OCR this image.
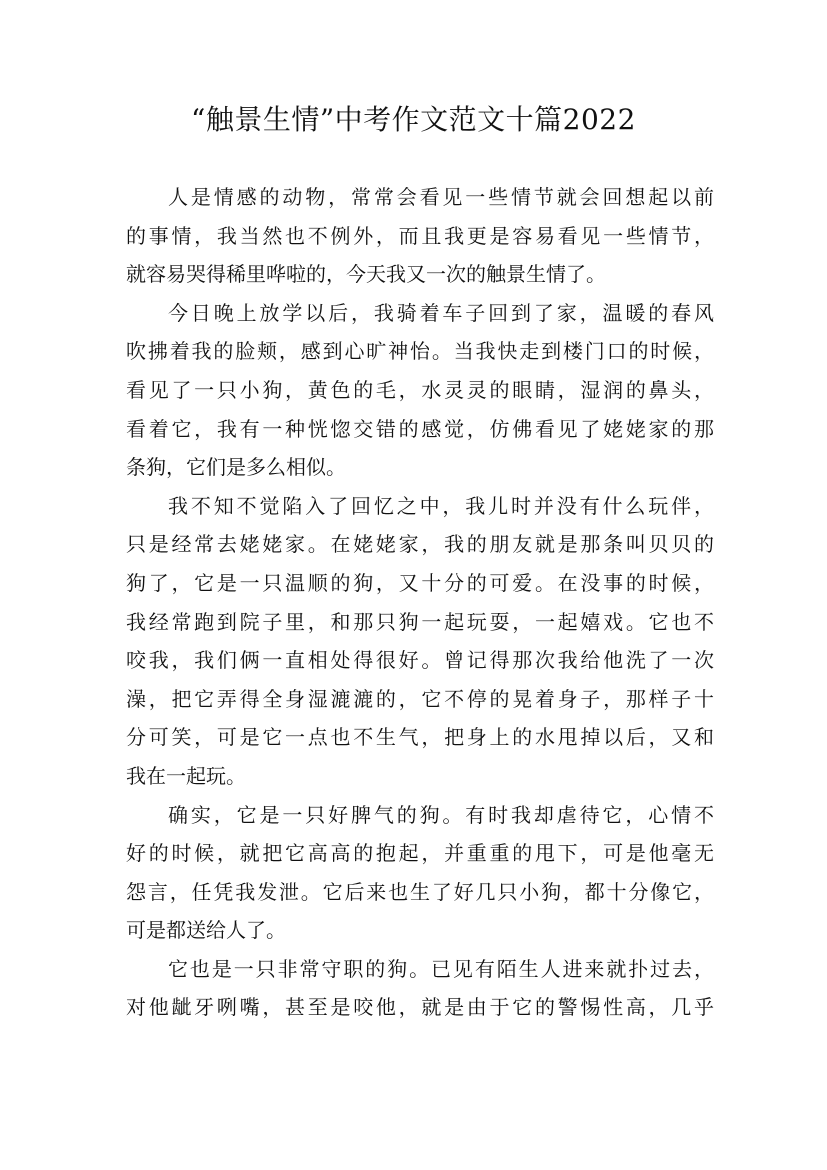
“触景生情”中考作文范文十篇2022
人是情感的动物，常常会看见一些情节就会回想起以前
的事情，我当然也不例外，而且我更是容易看见一些情节，
就容易哭得稀里哗啦的，今天我又一次的触景生情了。
今日晚上放学以后，我骑着车子回到了家，温暖的春风
吹拂着我的脸颊，感到心旷神怡。当我快走到楼门口的时候，
看见了一只小狗，黄色的毛，水灵灵的眼睛，湿润的鼻头，
看着它，我有一种恍惚交错的感觉，仿佛看见了姥姥家的那
条狗，它们是多么相似。
我不知不觉陷入了回忆之中，我儿时并没有什么玩伴，
只是经常去姥姥家。在姥姥家，我的朋友就是那条叫贝贝的
狗了，它是一只温顺的狗，又十分的可爱。在没事的时候，
我经常跑到院子里，和那只狗一起玩耍，一起嬉戏。它也不
咬我，我们俩一直相处得很好。曾记得那次我给他洗了一次
澡，把它弄得全身湿漉漉的，它不停的晃着身子，那样子十
分可笑，可是它一点也不生气，把身上的水甩掉以后，又和
我在一起玩。
确实，它是一只好脾气的狗。有时我却虐待它，心情不
好的时候，就把它高高的抱起，并重重的甩下，可是他毫无
怨言，任凭我发泄。它后来也生了好几只小狗，都十分像它，
可是都送给人了。
它也是一只非常守职的狗。已见有陌生人进来就扑过去，
对他龇牙咧嘴，甚至是咬他，就是由于它的警惕性高，几乎
